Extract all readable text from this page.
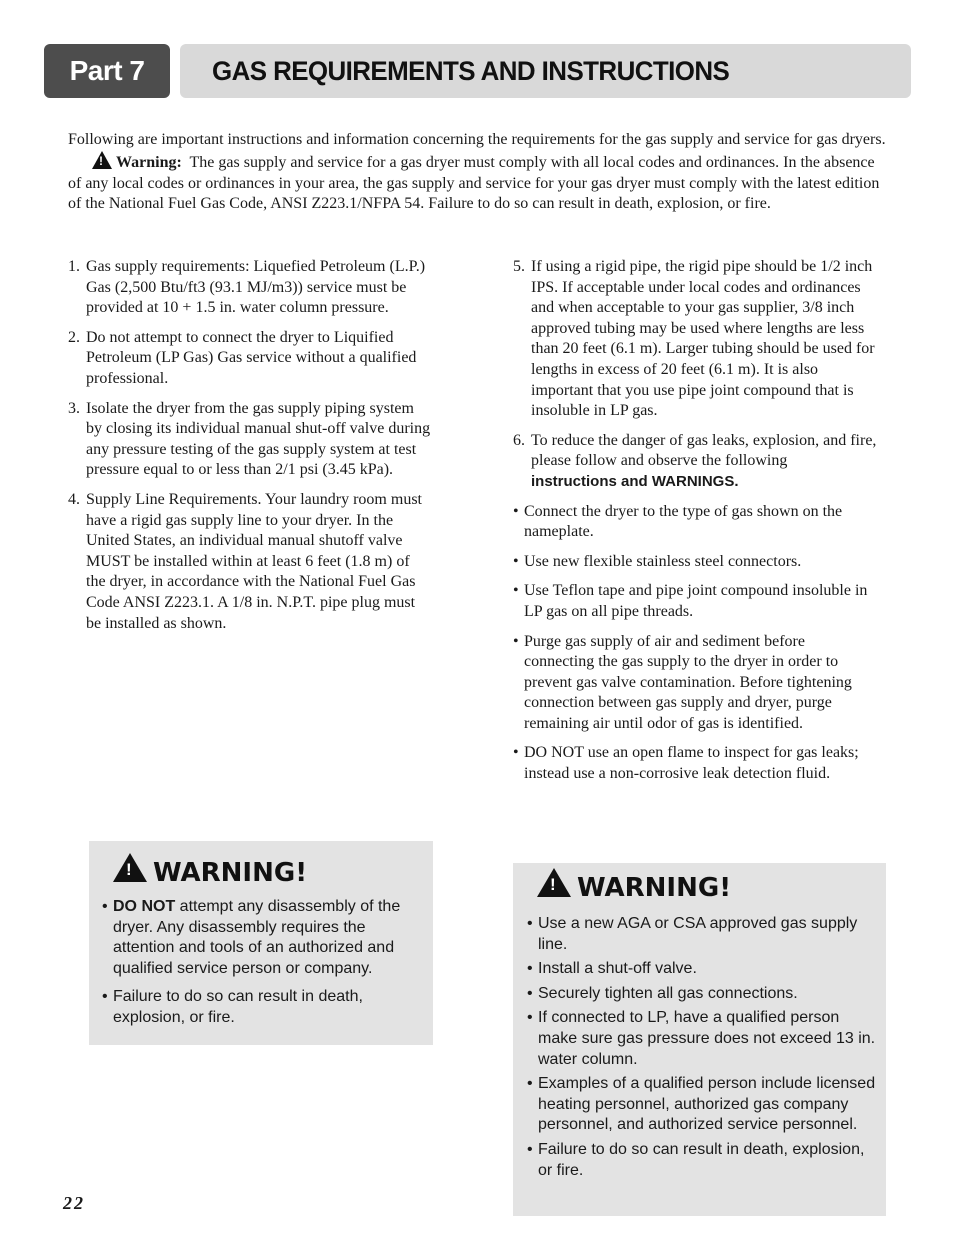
Part 7	GAS REQUIREMENTS AND INSTRUCTIONS
Following are important instructions and information concerning the requirements for the gas supply and service for gas dryers.!Warning: The gas supply and service for a gas dryer must comply with all local codes and ordinances. In the absence of any local codes or ordinances in your area, the gas supply and service for your gas dryer must comply with the latest edition of the National Fuel Gas Code, ANSI Z223.1/NFPA 54. Failure to do so can result in death, explosion, or fire.
1. Gas supply requirements: Liquefied Petroleum (L.P.) Gas (2,500 Btu/ft3 (93.1 MJ/m3)) service must be provided at 10 + 1.5 in. water column pressure.
2. Do not attempt to connect the dryer to Liquified Petroleum (LP Gas) Gas service without a qualified professional.
3. Isolate the dryer from the gas supply piping system by closing its individual manual shut-off valve during any pressure testing of the gas supply system at test pressure equal to or less than 2/1 psi (3.45 kPa).
4. Supply Line Requirements. Your laundry room must have a rigid gas supply line to your dryer. In the United States, an individual manual shutoff valve MUST be installed within at least 6 feet (1.8 m) of the dryer, in accordance with the National Fuel Gas Code ANSI Z223.1. A 1/8 in. N.P.T. pipe plug must be installed as shown.
5. If using a rigid pipe, the rigid pipe should be 1/2 inch IPS. If acceptable under local codes and ordinances and when acceptable to your gas supplier, 3/8 inch approved tubing may be used where lengths are less than 20 feet (6.1 m). Larger tubing should be used for lengths in excess of 20 feet (6.1 m). It is also important that you use pipe joint compound that is insoluble in LP gas.
6. To reduce the danger of gas leaks, explosion, and fire, please follow and observe the following
instructions and WARNINGS.
• Connect the dryer to the type of gas shown on the nameplate.
• Use new flexible stainless steel connectors.
• Use Teflon tape and pipe joint compound insoluble in LP gas on all pipe threads.
• Purge gas supply of air and sediment before connecting the gas supply to the dryer in order to prevent gas valve contamination. Before tightening connection between gas supply and dryer, purge remaining air until odor of gas is identified.
• DO NOT use an open flame to inspect for gas leaks; instead use a non-corrosive leak detection fluid.
!WARNING!
• DO NOT attempt any disassembly of the dryer. Any disassembly requires the attention and tools of an authorized and qualified service person or company.
• Failure to do so can result in death, explosion, or fire.
!WARNING!
• Use a new AGA or CSA approved gas supply line.
• Install a shut-off valve.
• Securely tighten all gas connections.
• If connected to LP, have a qualified person make sure gas pressure does not exceed 13 in. water column.
• Examples of a qualified person include licensed heating personnel, authorized gas company personnel, and authorized service personnel.
• Failure to do so can result in death, explosion, or fire.
22
